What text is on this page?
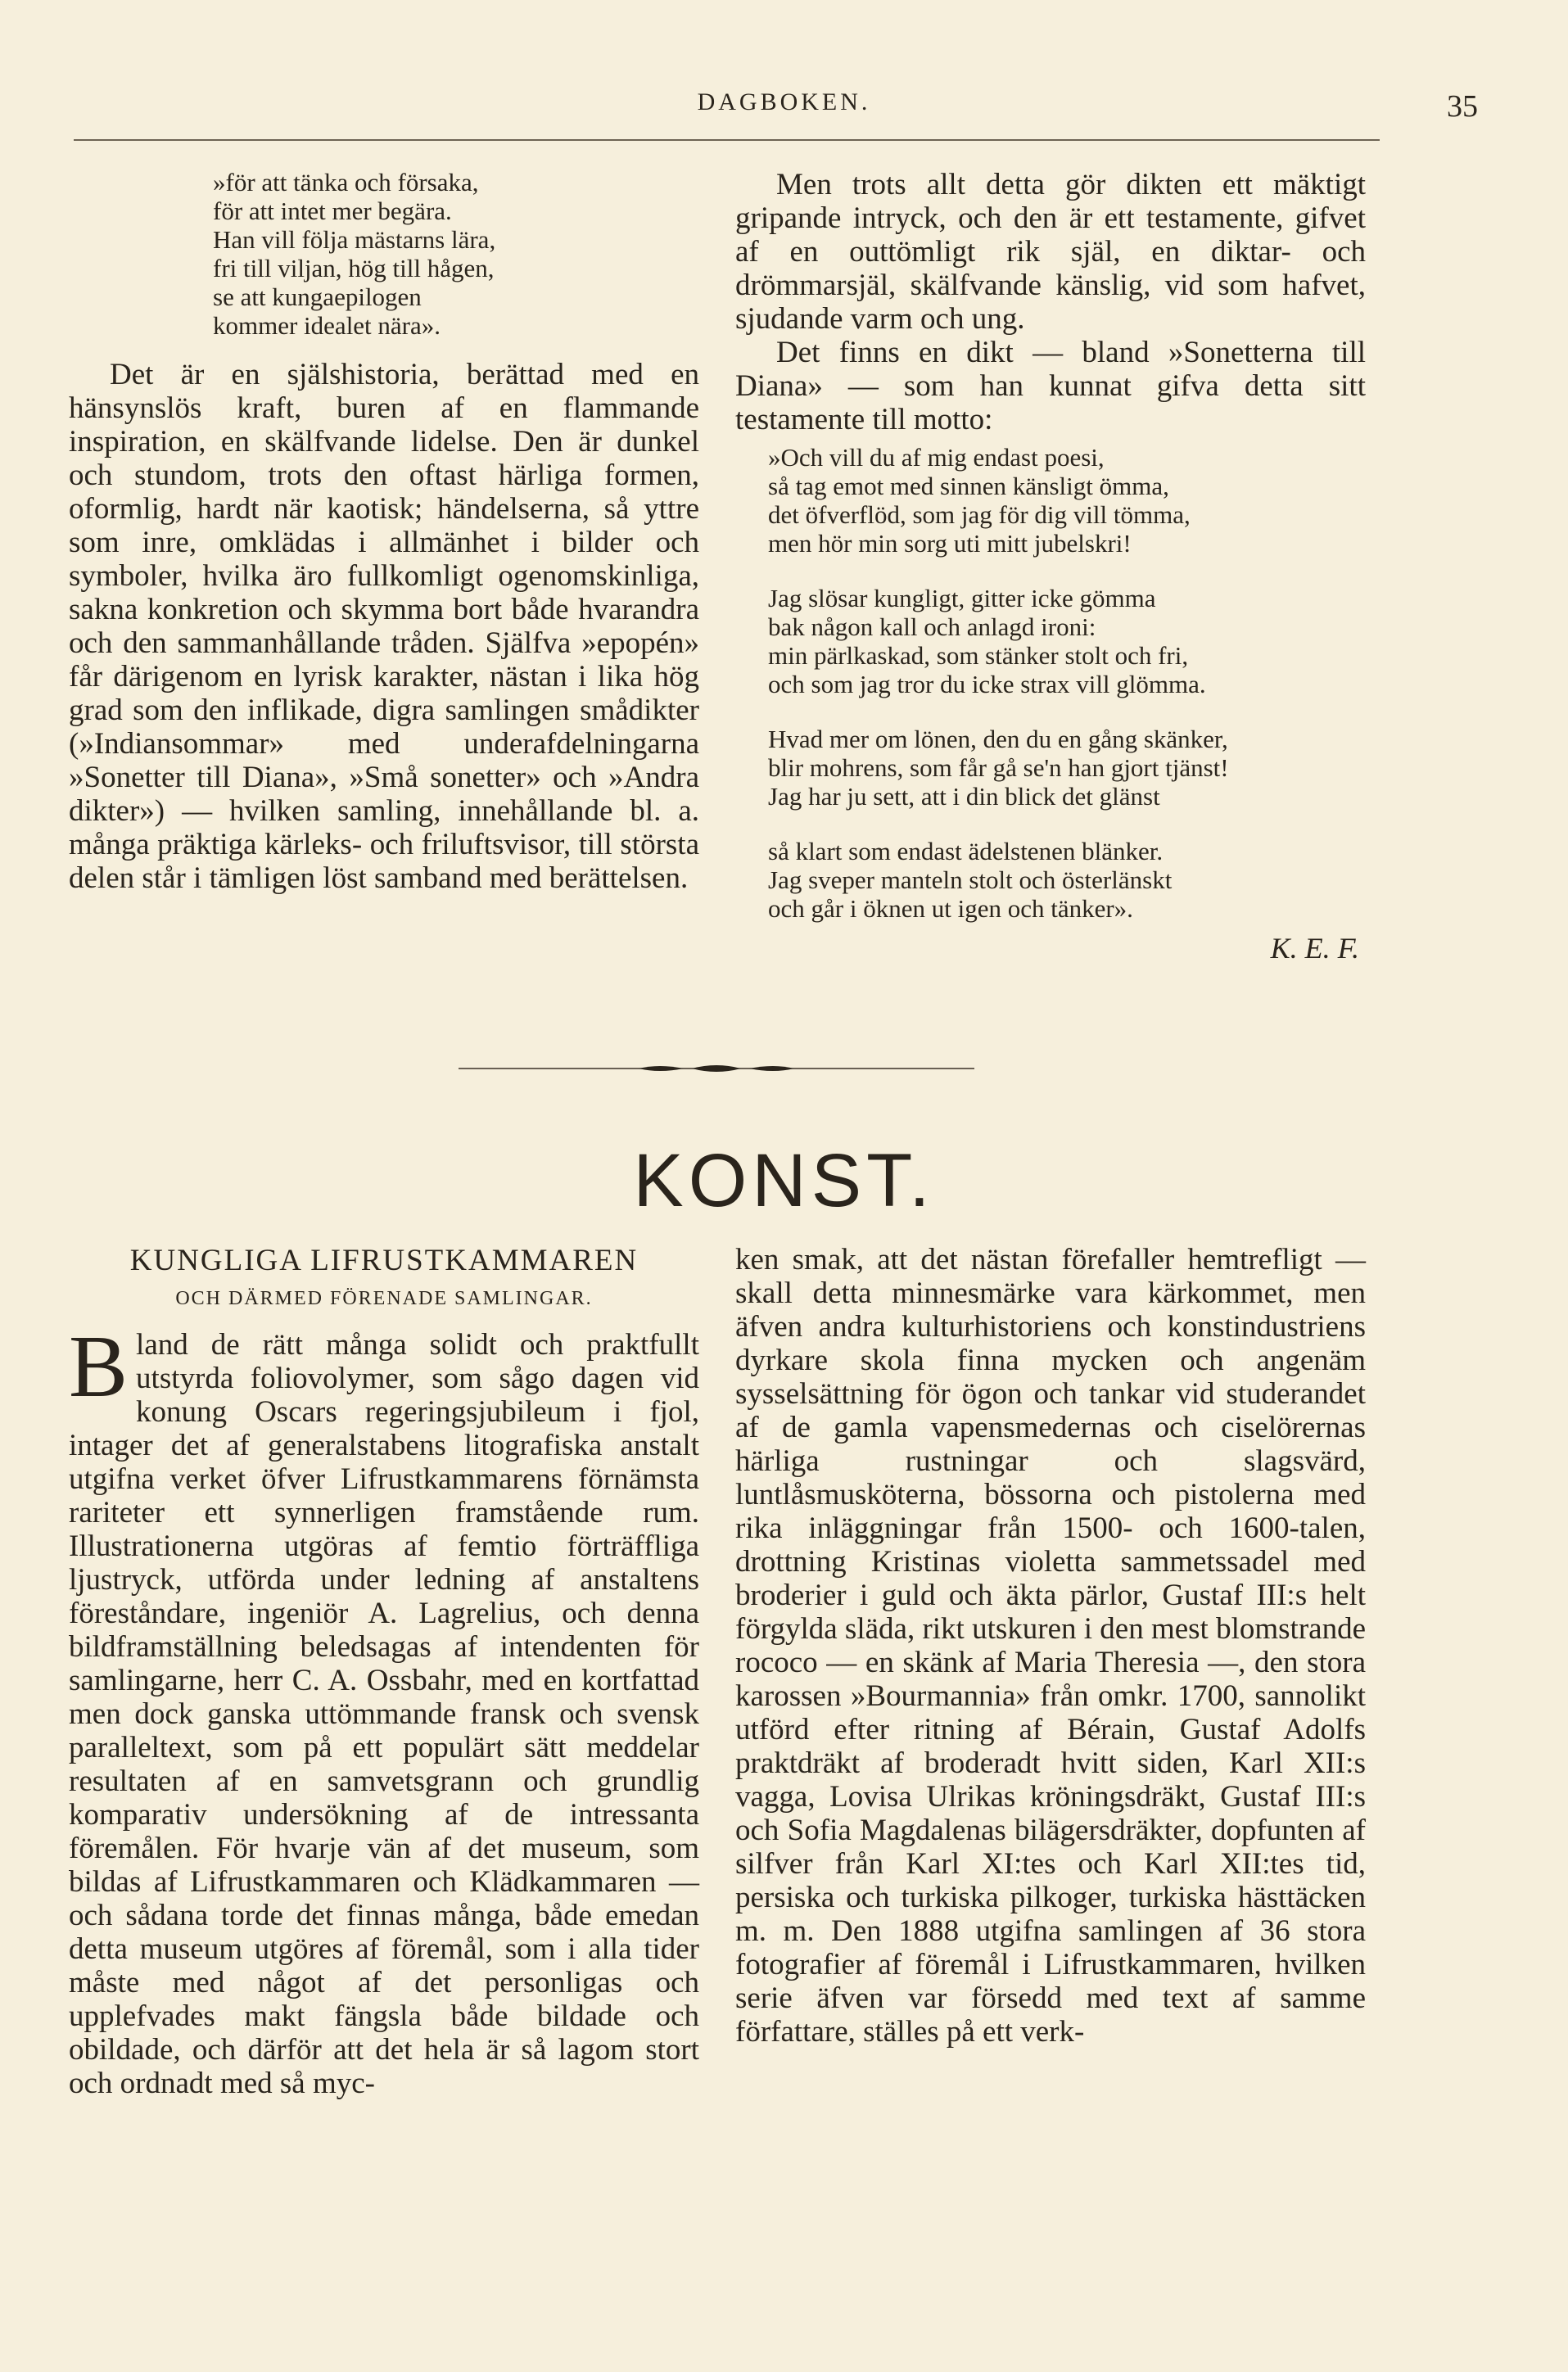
DAGBOKEN.	35
»för att tänka och försaka,
för att intet mer begära.
Han vill följa mästarns lära,
fri till viljan, hög till hågen,
se att kungaepilogen
kommer idealet nära».

Det är en själshistoria, berättad med en hänsynslös kraft, buren af en flammande inspiration, en skälfvande lidelse. Den är dunkel och stundom, trots den oftast härliga formen, oformlig, hardt när kaotisk; händelserna, så yttre som inre, omklädas i allmänhet i bilder och symboler, hvilka äro fullkomligt ogenomskinliga, sakna konkretion och skymma bort både hvarandra och den sammanhållande tråden. Själfva »epopén» får därigenom en lyrisk karakter, nästan i lika hög grad som den inflikade, digra samlingen smådikter (»Indiansommar» med underafdelningarna »Sonetter till Diana», »Små sonetter» och »Andra dikter») — hvilken samling, innehållande bl. a. många präktiga kärleks- och friluftsvisor, till största delen står i tämligen löst samband med berättelsen.

Men trots allt detta gör dikten ett mäktigt gripande intryck, och den är ett testamente, gifvet af en outtömligt rik själ, en diktar- och drömmarsjäl, skälfvande känslig, vid som hafvet, sjudande varm och ung.

Det finns en dikt — bland »Sonetterna till Diana» — som han kunnat gifva detta sitt testamente till motto:

»Och vill du af mig endast poesi,
så tag emot med sinnen känsligt ömma,
det öfverflöd, som jag för dig vill tömma,
men hör min sorg uti mitt jubelskri!
Jag slösar kungligt, gitter icke gömma
bak någon kall och anlagd ironi:
min pärlkaskad, som stänker stolt och fri,
och som jag tror du icke strax vill glömma.
Hvad mer om lönen, den du en gång skänker,
blir mohrens, som får gå se'n han gjort tjänst!
Jag har ju sett, att i din blick det glänst
så klart som endast ädelstenen blänker.
Jag sveper manteln stolt och österlänskt
och går i öknen ut igen och tänker».
K. E. F.
KONST.
KUNGLIGA LIFRUSTKAMMAREN
OCH DÄRMED FÖRENADE SAMLINGAR.

Bland de rätt många solidt och praktfullt utstyrda foliovolymer, som sågo dagen vid konung Oscars regeringsjubileum i fjol, intager det af generalstabens litografiska anstalt utgifna verket öfver Lifrustkammarens förnämsta rariteter ett synnerligen framstående rum. Illustrationerna utgöras af femtio förträffliga ljustryck, utförda under ledning af anstaltens föreståndare, ingeniör A. Lagrelius, och denna bildframställning beledsagas af intendenten för samlingarne, herr C. A. Ossbahr, med en kortfattad men dock ganska uttömmande fransk och svensk paralleltext, som på ett populärt sätt meddelar resultaten af en samvetsgrann och grundlig komparativ undersökning af de intressanta föremålen. För hvarje vän af det museum, som bildas af Lifrustkammaren och Klädkammaren — och sådana torde det finnas många, både emedan detta museum utgöres af föremål, som i alla tider måste med något af det personligas och upplefvades makt fängsla både bildade och obildade, och därför att det hela är så lagom stort och ordnadt med så myc-

ken smak, att det nästan förefaller hemtrefligt — skall detta minnesmärke vara kärkommet, men äfven andra kulturhistoriens och konstindustriens dyrkare skola finna mycken och angenäm sysselsättning för ögon och tankar vid studerandet af de gamla vapensmedernas och ciselörernas härliga rustningar och slagsvärd, luntlåsmusköterna, bössorna och pistolerna med rika inläggningar från 1500- och 1600-talen, drottning Kristinas violetta sammetssadel med broderier i guld och äkta pärlor, Gustaf III:s helt förgylda släda, rikt utskuren i den mest blomstrande rococo — en skänk af Maria Theresia —, den stora karossen »Bourmannia» från omkr. 1700, sannolikt utförd efter ritning af Bérain, Gustaf Adolfs praktdräkt af broderadt hvitt siden, Karl XII:s vagga, Lovisa Ulrikas kröningsdräkt, Gustaf III:s och Sofia Magdalenas bilägersdräkter, dopfunten af silfver från Karl XI:tes och Karl XII:tes tid, persiska och turkiska pilkoger, turkiska hästtäcken m. m. Den 1888 utgifna samlingen af 36 stora fotografier af föremål i Lifrustkammaren, hvilken serie äfven var försedd med text af samme författare, ställes på ett verk-
